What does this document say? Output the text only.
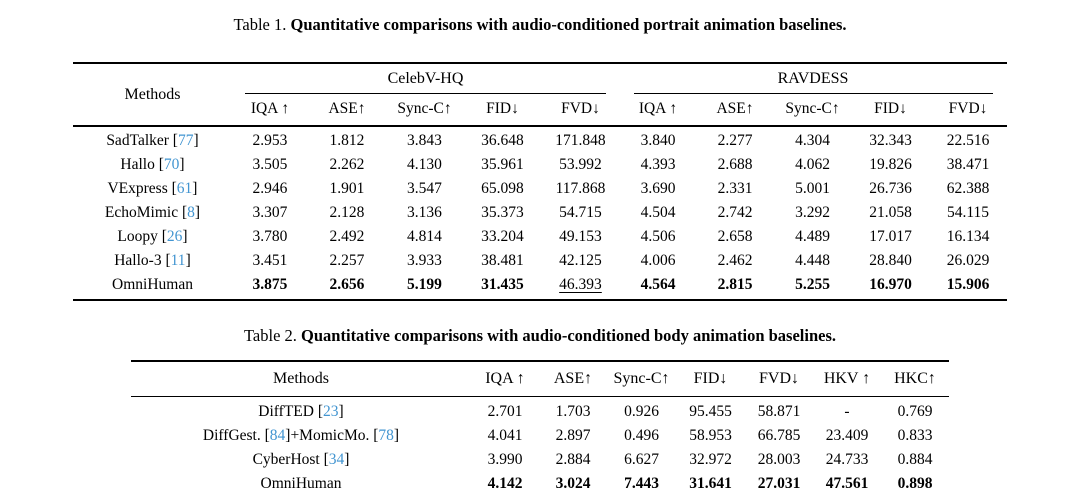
Table 1. Quantitative comparisons with audio-conditioned portrait animation baselines.
Methods	CelebV-HQ					RAVDESS				

	IQA ↑	ASE↑	Sync-C↑	FID↓	FVD↓	IQA ↑	ASE↑	Sync-C↑	FID↓	FVD↓
SadTalker [77]	2.953	1.812	3.843	36.648	171.848	3.840	2.277	4.304	32.343	22.516
Hallo [70]	3.505	2.262	4.130	35.961	53.992	4.393	2.688	4.062	19.826	38.471
VExpress [61]	2.946	1.901	3.547	65.098	117.868	3.690	2.331	5.001	26.736	62.388
EchoMimic [8]	3.307	2.128	3.136	35.373	54.715	4.504	2.742	3.292	21.058	54.115
Loopy [26]	3.780	2.492	4.814	33.204	49.153	4.506	2.658	4.489	17.017	16.134
Hallo-3 [11]	3.451	2.257	3.933	38.481	42.125	4.006	2.462	4.448	28.840	26.029
OmniHuman	3.875	2.656	5.199	31.435	46.393	4.564	2.815	5.255	16.970	15.906
Table 2. Quantitative comparisons with audio-conditioned body animation baselines.
Methods	IQA ↑	ASE↑	Sync-C↑	FID↓	FVD↓	HKV ↑	HKC↑
DiffTED [23]	2.701	1.703	0.926	95.455	58.871	-	0.769
DiffGest. [84]+MomicMo. [78]	4.041	2.897	0.496	58.953	66.785	23.409	0.833
CyberHost [34]	3.990	2.884	6.627	32.972	28.003	24.733	0.884
OmniHuman	4.142	3.024	7.443	31.641	27.031	47.561	0.898
